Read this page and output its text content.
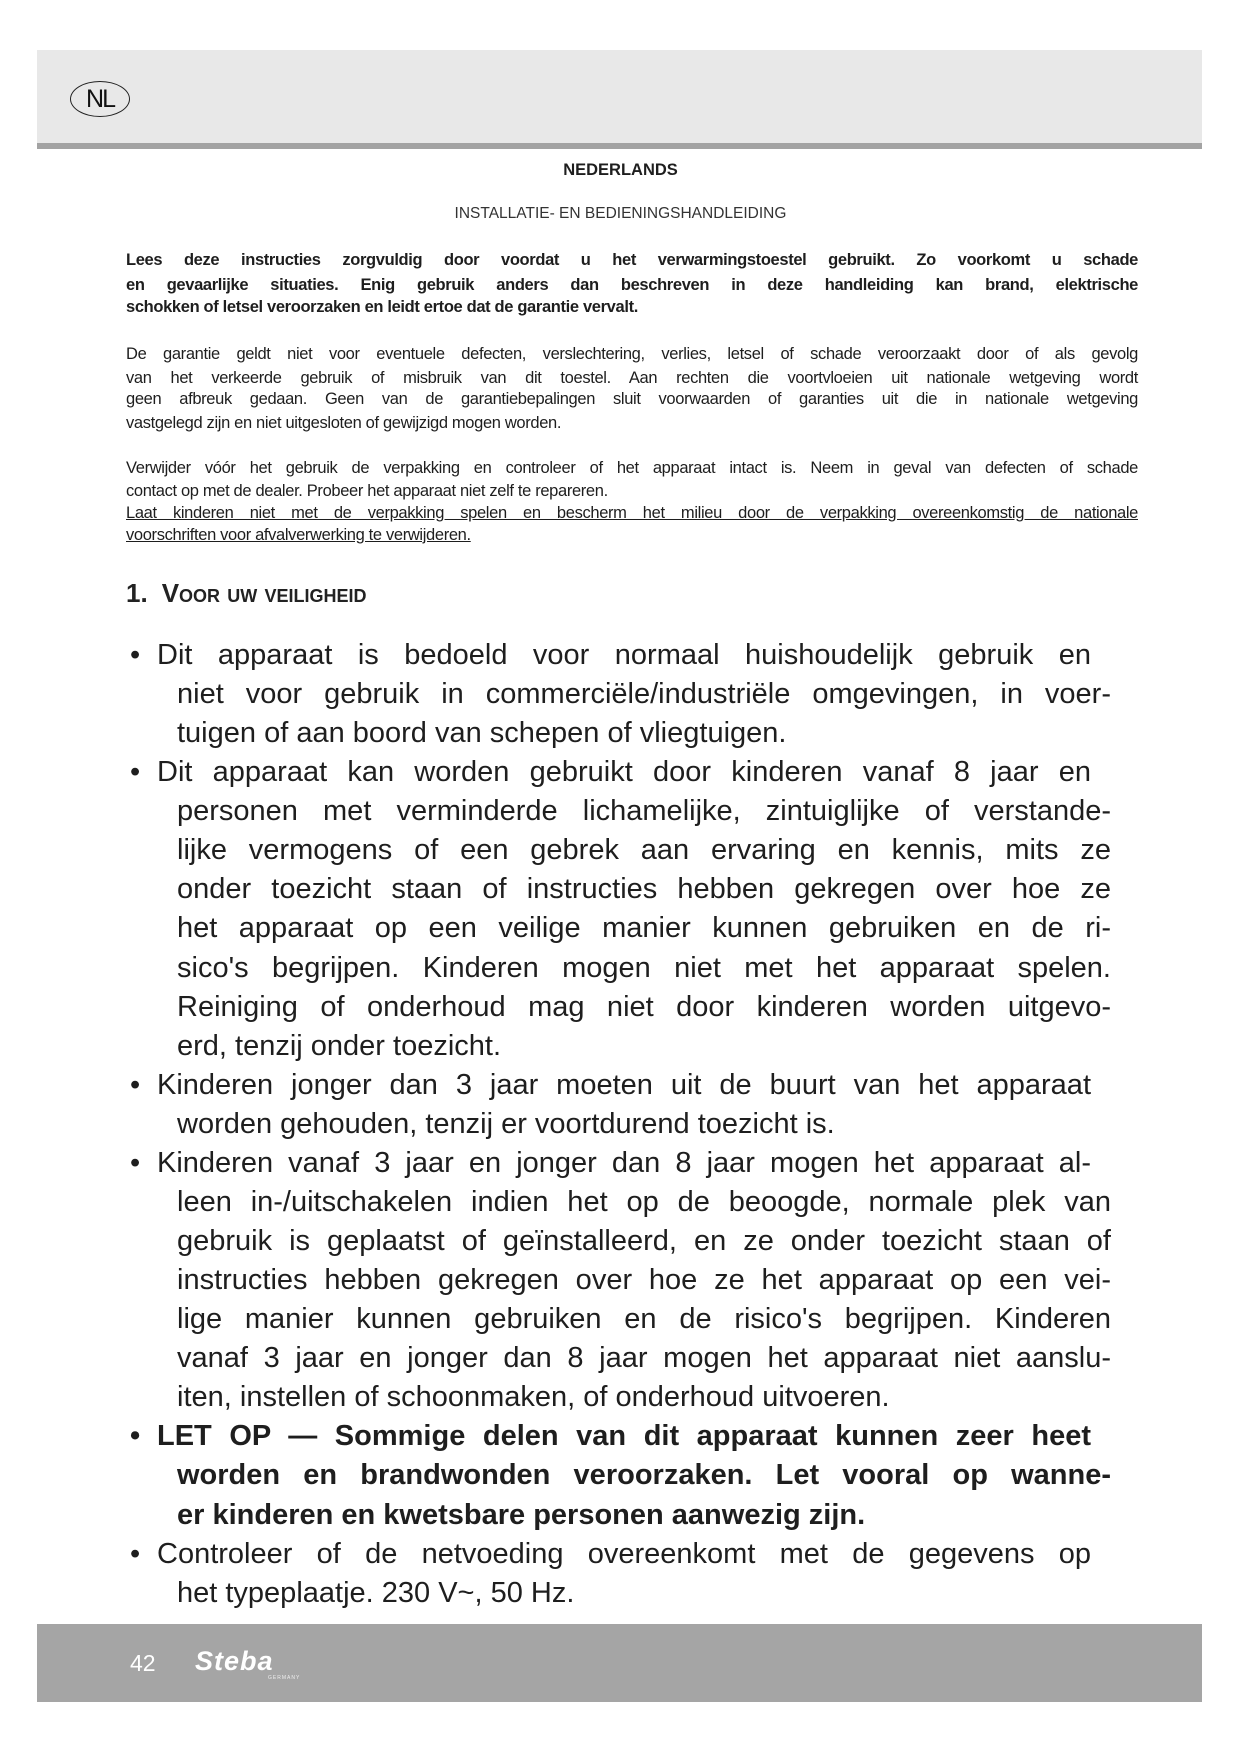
NL
NEDERLANDS
INSTALLATIE- EN BEDIENINGSHANDLEIDING
Lees deze instructies zorgvuldig door voordat u het verwarmingstoestel gebruikt. Zo voorkomt u schade
en gevaarlijke situaties. Enig gebruik anders dan beschreven in deze handleiding kan brand, elektrische
schokken of letsel veroorzaken en leidt ertoe dat de garantie vervalt.
De garantie geldt niet voor eventuele defecten, verslechtering, verlies, letsel of schade veroorzaakt door of als gevolg
van het verkeerde gebruik of misbruik van dit toestel. Aan rechten die voortvloeien uit nationale wetgeving wordt
geen afbreuk gedaan. Geen van de garantiebepalingen sluit voorwaarden of garanties uit die in nationale wetgeving
vastgelegd zijn en niet uitgesloten of gewijzigd mogen worden.
Verwijder vóór het gebruik de verpakking en controleer of het apparaat intact is. Neem in geval van defecten of schade
contact op met de dealer. Probeer het apparaat niet zelf te repareren.
Laat kinderen niet met de verpakking spelen en bescherm het milieu door de verpakking overeenkomstig de nationale
voorschriften voor afvalverwerking te verwijderen.
1. Voor uw veiligheid
• Dit apparaat is bedoeld voor normaal huishoudelijk gebruik en
niet voor gebruik in commerciële/industriële omgevingen, in voer-
tuigen of aan boord van schepen of vliegtuigen.
• Dit apparaat kan worden gebruikt door kinderen vanaf 8 jaar en
personen met verminderde lichamelijke, zintuiglijke of verstande-
lijke vermogens of een gebrek aan ervaring en kennis, mits ze
onder toezicht staan of instructies hebben gekregen over hoe ze
het apparaat op een veilige manier kunnen gebruiken en de ri-
sico's begrijpen. Kinderen mogen niet met het apparaat spelen.
Reiniging of onderhoud mag niet door kinderen worden uitgevo-
erd, tenzij onder toezicht.
• Kinderen jonger dan 3 jaar moeten uit de buurt van het apparaat
worden gehouden, tenzij er voortdurend toezicht is.
• Kinderen vanaf 3 jaar en jonger dan 8 jaar mogen het apparaat al-
leen in-/uitschakelen indien het op de beoogde, normale plek van
gebruik is geplaatst of geïnstalleerd, en ze onder toezicht staan of
instructies hebben gekregen over hoe ze het apparaat op een vei-
lige manier kunnen gebruiken en de risico's begrijpen. Kinderen
vanaf 3 jaar en jonger dan 8 jaar mogen het apparaat niet aanslu-
iten, instellen of schoonmaken, of onderhoud uitvoeren.
• LET OP — Sommige delen van dit apparaat kunnen zeer heet
worden en brandwonden veroorzaken. Let vooral op wanne-
er kinderen en kwetsbare personen aanwezig zijn.
• Controleer of de netvoeding overeenkomt met de gegevens op
het typeplaatje. 230 V~, 50 Hz.
42 Steba
GERMANY
